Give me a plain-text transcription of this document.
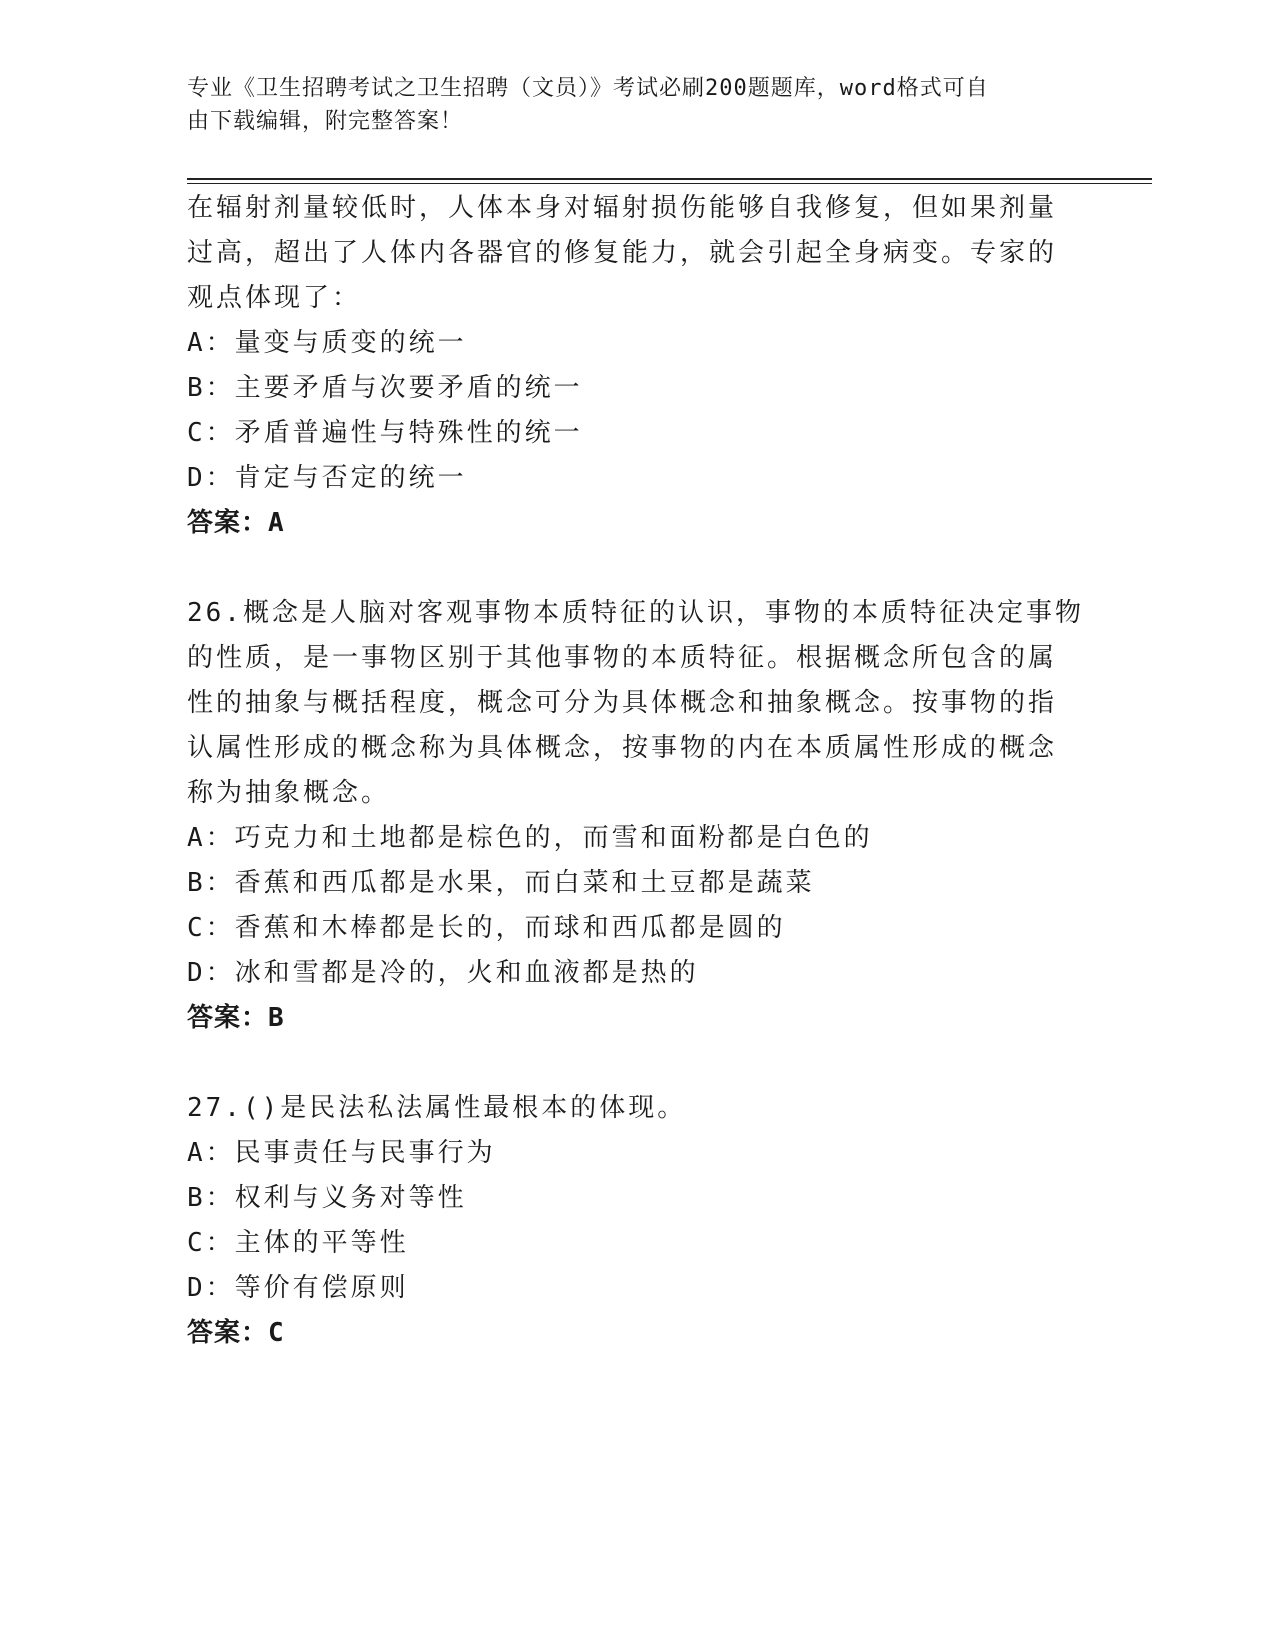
专业《卫生招聘考试之卫生招聘（文员）》考试必刷200题题库，word格式可自
由下载编辑，附完整答案！
在辐射剂量较低时，人体本身对辐射损伤能够自我修复，但如果剂量
过高，超出了人体内各器官的修复能力，就会引起全身病变。专家的
观点体现了：
A：量变与质变的统一
B：主要矛盾与次要矛盾的统一
C：矛盾普遍性与特殊性的统一
D：肯定与否定的统一
答案：A
26.概念是人脑对客观事物本质特征的认识，事物的本质特征决定事物
的性质，是一事物区别于其他事物的本质特征。根据概念所包含的属
性的抽象与概括程度，概念可分为具体概念和抽象概念。按事物的指
认属性形成的概念称为具体概念，按事物的内在本质属性形成的概念
称为抽象概念。
A：巧克力和土地都是棕色的，而雪和面粉都是白色的
B：香蕉和西瓜都是水果，而白菜和土豆都是蔬菜
C：香蕉和木棒都是长的，而球和西瓜都是圆的
D：冰和雪都是冷的，火和血液都是热的
答案：B
27.()是民法私法属性最根本的体现。
A：民事责任与民事行为
B：权利与义务对等性
C：主体的平等性
D：等价有偿原则
答案：C
